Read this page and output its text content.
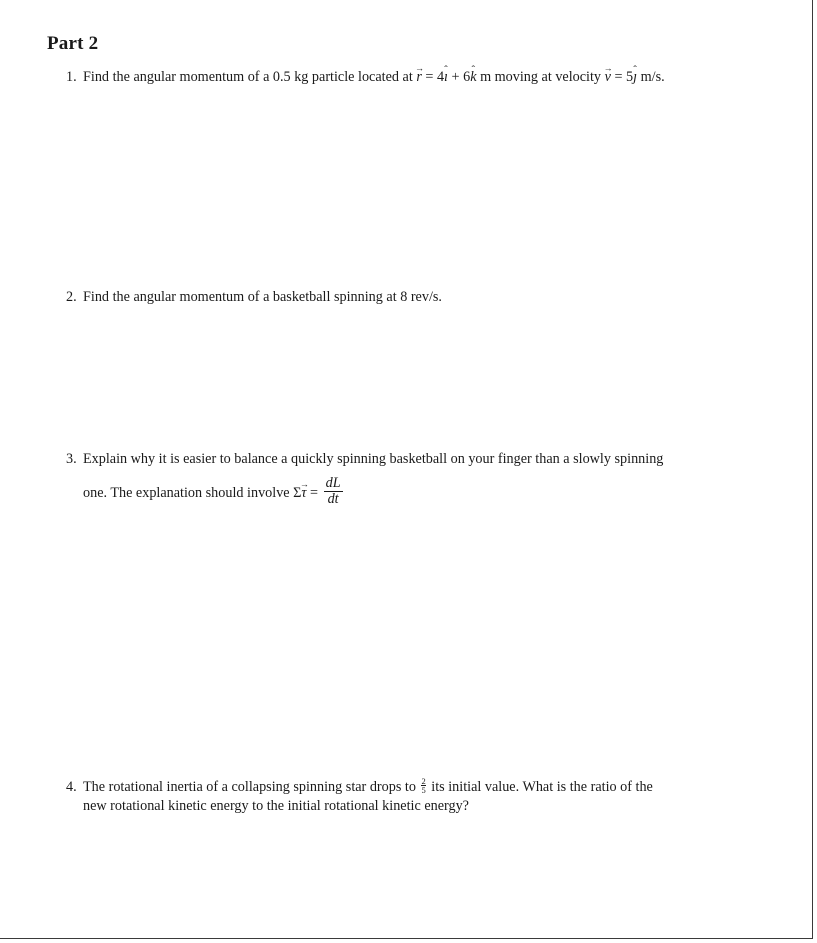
Part 2
1. Find the angular momentum of a 0.5 kg particle located at r → = 4ı ˆ + 6k ˆ m moving at velocity v → = 5ȷ ˆ m/s.
2. Find the angular momentum of a basketball spinning at 8 rev/s.
3. Explain why it is easier to balance a quickly spinning basketball on your finger than a slowly spinning
one. The explanation should involve Στ → = $\frac{dL}{dt}$
4. The rotational inertia of a collapsing spinning star drops to $\frac{2}{5}$ its initial value. What is the ratio of the
new rotational kinetic energy to the initial rotational kinetic energy?
